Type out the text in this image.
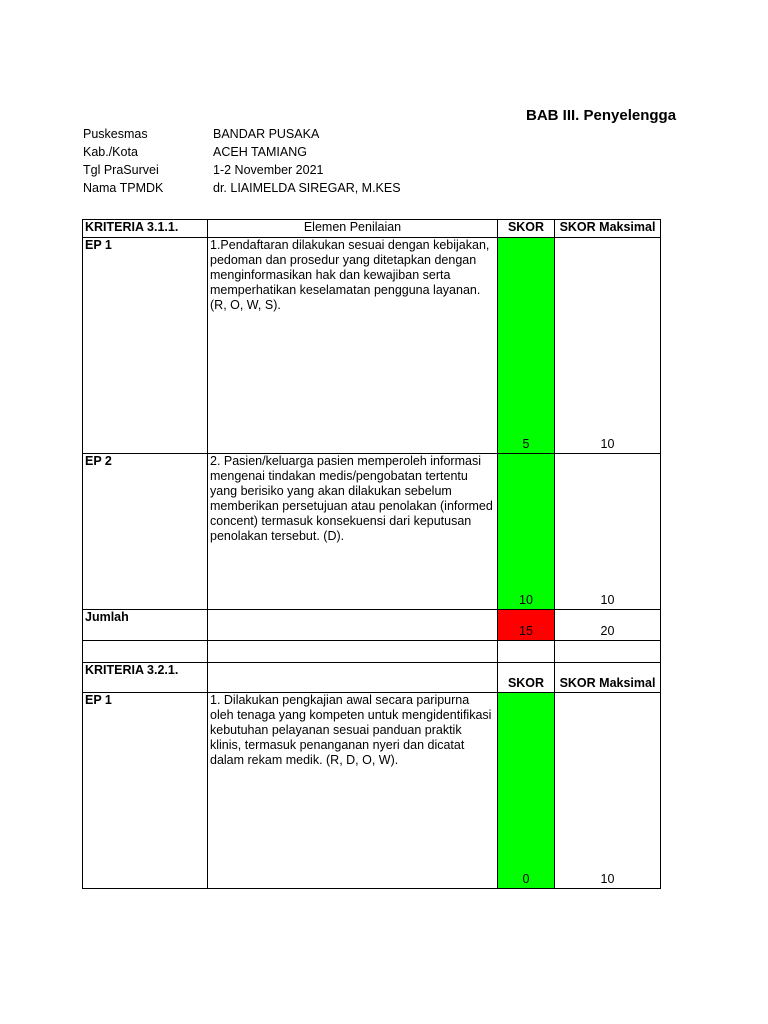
BAB III. Penyelengga
Puskesmas	BANDAR PUSAKA
Kab./Kota	ACEH TAMIANG
Tgl PraSurvei	1-2 November 2021
Nama TPMDK	dr. LIAIMELDA SIREGAR, M.KES
KRITERIA 3.1.1.	Elemen Penilaian	SKOR	SKOR Maksimal
EP 1	1.Pendaftaran dilakukan sesuai dengan kebijakan, pedoman dan prosedur yang ditetapkan dengan menginformasikan hak dan kewajiban serta memperhatikan keselamatan pengguna layanan. (R, O, W, S).	5	10
EP 2	2. Pasien/keluarga pasien memperoleh informasi mengenai tindakan medis/pengobatan tertentu yang berisiko yang akan dilakukan sebelum memberikan persetujuan atau penolakan (informed concent) termasuk konsekuensi dari keputusan penolakan tersebut. (D).	10	10
Jumlah		15	20

KRITERIA 3.2.1.		SKOR	SKOR Maksimal
EP 1	1. Dilakukan pengkajian awal secara paripurna oleh tenaga yang kompeten untuk mengidentifikasi kebutuhan pelayanan sesuai panduan praktik klinis, termasuk penanganan nyeri dan dicatat dalam rekam medik. (R, D, O, W).	0	10
